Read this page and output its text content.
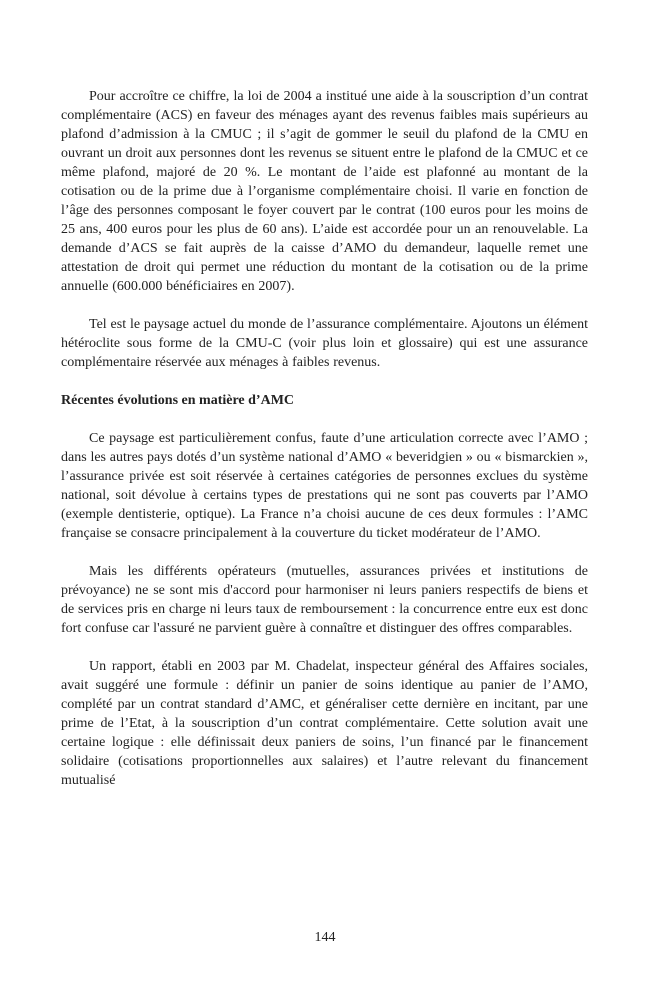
Pour accroître ce chiffre, la loi de 2004 a institué une aide à la souscription d’un contrat complémentaire (ACS) en faveur des ménages ayant des revenus faibles mais supérieurs au plafond d’admission à la CMUC ; il s’agit de gommer le seuil du plafond de la CMU en ouvrant un droit aux personnes dont les revenus se situent entre le plafond de la CMUC et ce même plafond, majoré de 20 %. Le montant de l’aide est plafonné au montant de la cotisation ou de la prime due à l’organisme complémentaire choisi. Il varie en fonction de l’âge des personnes composant le foyer couvert par le contrat (100 euros pour les moins de 25 ans, 400 euros pour les plus de 60 ans). L’aide est accordée pour un an renouvelable. La demande d’ACS se fait auprès de la caisse d’AMO du demandeur, laquelle remet une attestation de droit qui permet une réduction du montant de la cotisation ou de la prime annuelle (600.000 bénéficiaires en 2007).

Tel est le paysage actuel du monde de l’assurance complémentaire. Ajoutons un élément hétéroclite sous forme de la CMU-C (voir plus loin et glossaire) qui est une assurance complémentaire réservée aux ménages à faibles revenus.

Récentes évolutions en matière d’AMC

Ce paysage est particulièrement confus, faute d’une articulation correcte avec l’AMO ; dans les autres pays dotés d’un système national d’AMO « beveridgien » ou « bismarckien », l’assurance privée est soit réservée à certaines catégories de personnes exclues du système national, soit dévolue à certains types de prestations qui ne sont pas couverts par l’AMO (exemple dentisterie, optique). La France n’a choisi aucune de ces deux formules : l’AMC française se consacre principalement à la couverture du ticket modérateur de l’AMO.

Mais les différents opérateurs (mutuelles, assurances privées et institutions de prévoyance) ne se sont mis d'accord pour harmoniser ni leurs paniers respectifs de biens et de services pris en charge ni leurs taux de remboursement : la concurrence entre eux est donc fort confuse car l'assuré ne parvient guère à connaître et distinguer des offres comparables.

Un rapport, établi en 2003 par M. Chadelat, inspecteur général des Affaires sociales, avait suggéré une formule : définir un panier de soins identique au panier de l’AMO, complété par un contrat standard d’AMC, et généraliser cette dernière en incitant, par une prime de l’Etat, à la souscription d’un contrat complémentaire. Cette solution avait une certaine logique : elle définissait deux paniers de soins, l’un financé par le financement solidaire (cotisations proportionnelles aux salaires) et l’autre relevant du financement mutualisé

144
